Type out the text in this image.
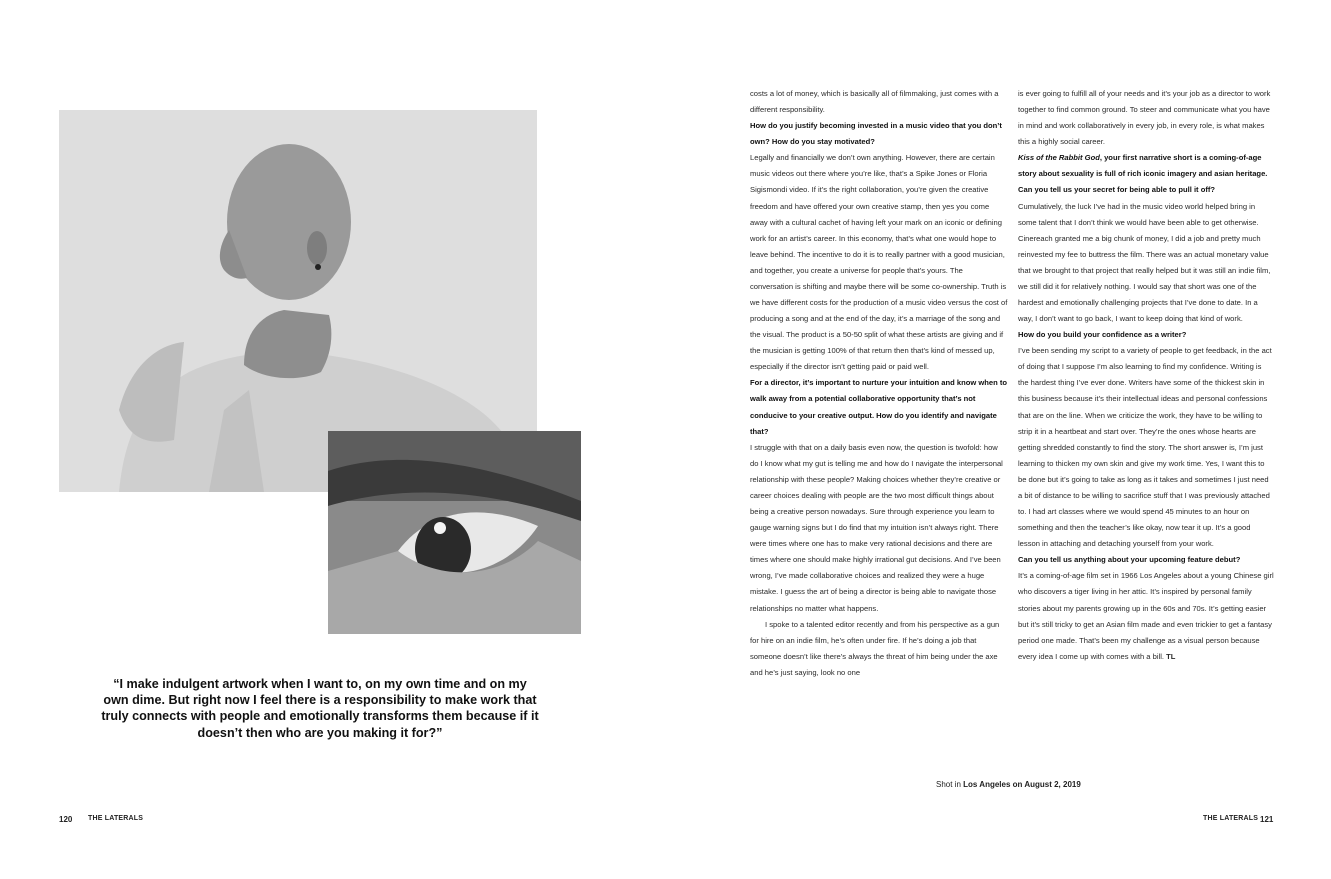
“I make indulgent artwork when I want to, on my own time and on my own dime. But right now I feel there is a responsibility to make work that truly connects with people and emotionally transforms them because if it doesn’t then who are you making it for?”
120 THE LATERALS

costs a lot of money, which is basically all of filmmaking, just comes with a different responsibility.

How do you justify becoming invested in a music video that you don’t own? How do you stay motivated?

Legally and financially we don’t own anything. However, there are certain music videos out there where you’re like, that’s a Spike Jones or Floria Sigismondi video. If it’s the right collaboration, you’re given the creative freedom and have offered your own creative stamp, then yes you come away with a cultural cachet of having left your mark on an iconic or defining work for an artist’s career. In this economy, that’s what one would hope to leave behind. The incentive to do it is to really partner with a good musician, and together, you create a universe for people that’s yours. The conversation is shifting and maybe there will be some co-ownership. Truth is we have different costs for the production of a music video versus the cost of producing a song and at the end of the day, it’s a marriage of the song and the visual. The product is a 50-50 split of what these artists are giving and if the musician is getting 100% of that return then that’s kind of messed up, especially if the director isn’t getting paid or paid well.

For a director, it’s important to nurture your intuition and know when to walk away from a potential collaborative opportunity that’s not conducive to your creative output. How do you identify and navigate that?

I struggle with that on a daily basis even now, the question is twofold: how do I know what my gut is telling me and how do I navigate the interpersonal relationship with these people? Making choices whether they’re creative or career choices dealing with people are the two most difficult things about being a creative person nowadays. Sure through experience you learn to gauge warning signs but I do find that my intuition isn’t always right. There were times where one has to make very rational decisions and there are times where one should make highly irrational gut decisions. And I’ve been wrong, I’ve made collaborative choices and realized they were a huge mistake. I guess the art of being a director is being able to navigate those relationships no matter what happens.

I spoke to a talented editor recently and from his perspective as a gun for hire on an indie film, he’s often under fire. If he’s doing a job that someone doesn’t like there’s always the threat of him being under the axe and he’s just saying, look no one

is ever going to fulfill all of your needs and it’s your job as a director to work together to find common ground. To steer and communicate what you have in mind and work collaboratively in every job, in every role, is what makes this a highly social career.

Kiss of the Rabbit God, your first narrative short is a coming-of-age story about sexuality is full of rich iconic imagery and asian heritage. Can you tell us your secret for being able to pull it off?

Cumulatively, the luck I’ve had in the music video world helped bring in some talent that I don’t think we would have been able to get otherwise. Cinereach granted me a big chunk of money, I did a job and pretty much reinvested my fee to buttress the film. There was an actual monetary value that we brought to that project that really helped but it was still an indie film, we still did it for relatively nothing. I would say that short was one of the hardest and emotionally challenging projects that I’ve done to date. In a way, I don’t want to go back, I want to keep doing that kind of work.

How do you build your confidence as a writer?

I’ve been sending my script to a variety of people to get feedback, in the act of doing that I suppose I’m also learning to find my confidence. Writing is the hardest thing I’ve ever done. Writers have some of the thickest skin in this business because it’s their intellectual ideas and personal confessions that are on the line. When we criticize the work, they have to be willing to strip it in a heartbeat and start over. They’re the ones whose hearts are getting shredded constantly to find the story. The short answer is, I’m just learning to thicken my own skin and give my work time. Yes, I want this to be done but it’s going to take as long as it takes and sometimes I just need a bit of distance to be willing to sacrifice stuff that I was previously attached to. I had art classes where we would spend 45 minutes to an hour on something and then the teacher’s like okay, now tear it up. It’s a good lesson in attaching and detaching yourself from your work.

Can you tell us anything about your upcoming feature debut?

It’s a coming-of-age film set in 1966 Los Angeles about a young Chinese girl who discovers a tiger living in her attic. It’s inspired by personal family stories about my parents growing up in the 60s and 70s. It’s getting easier but it’s still tricky to get an Asian film made and even trickier to get a fantasy period one made. That’s been my challenge as a visual person because every idea I come up with comes with a bill. TL

Shot in Los Angeles on August 2, 2019
THE LATERALS 121
